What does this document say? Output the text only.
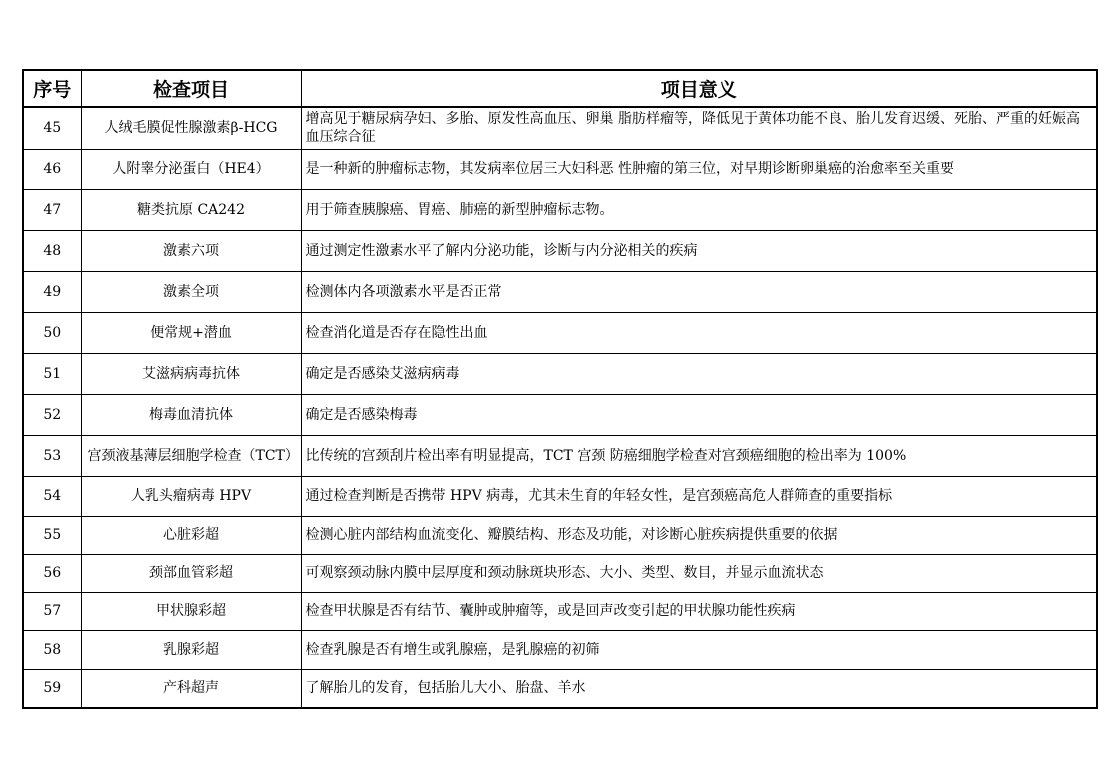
序号	检查项目	项目意义
45	人绒毛膜促性腺激素β-HCG	增高见于糖尿病孕妇、多胎、原发性高血压、卵巢 脂肪样瘤等，降低见于黄体功能不良、胎儿发育迟缓、死胎、严重的妊娠高血压综合征
46	人附睾分泌蛋白（HE4）	是一种新的肿瘤标志物，其发病率位居三大妇科恶 性肿瘤的第三位，对早期诊断卵巢癌的治愈率至关重要
47	糖类抗原 CA242	用于筛查胰腺癌、胃癌、肺癌的新型肿瘤标志物。
48	激素六项	通过测定性激素水平了解内分泌功能，诊断与内分泌相关的疾病
49	激素全项	检测体内各项激素水平是否正常
50	便常规+潜血	检查消化道是否存在隐性出血
51	艾滋病病毒抗体	确定是否感染艾滋病病毒
52	梅毒血清抗体	确定是否感染梅毒
53	宫颈液基薄层细胞学检查（TCT）	比传统的宫颈刮片检出率有明显提高，TCT 宫颈 防癌细胞学检查对宫颈癌细胞的检出率为 100%
54	人乳头瘤病毒 HPV	通过检查判断是否携带 HPV 病毒，尤其未生育的年轻女性，是宫颈癌高危人群筛查的重要指标
55	心脏彩超	检测心脏内部结构血流变化、瓣膜结构、形态及功能，对诊断心脏疾病提供重要的依据
56	颈部血管彩超	可观察颈动脉内膜中层厚度和颈动脉斑块形态、大小、类型、数目，并显示血流状态
57	甲状腺彩超	检查甲状腺是否有结节、囊肿或肿瘤等，或是回声改变引起的甲状腺功能性疾病
58	乳腺彩超	检查乳腺是否有增生或乳腺癌，是乳腺癌的初筛
59	产科超声	了解胎儿的发育，包括胎儿大小、胎盘、羊水
